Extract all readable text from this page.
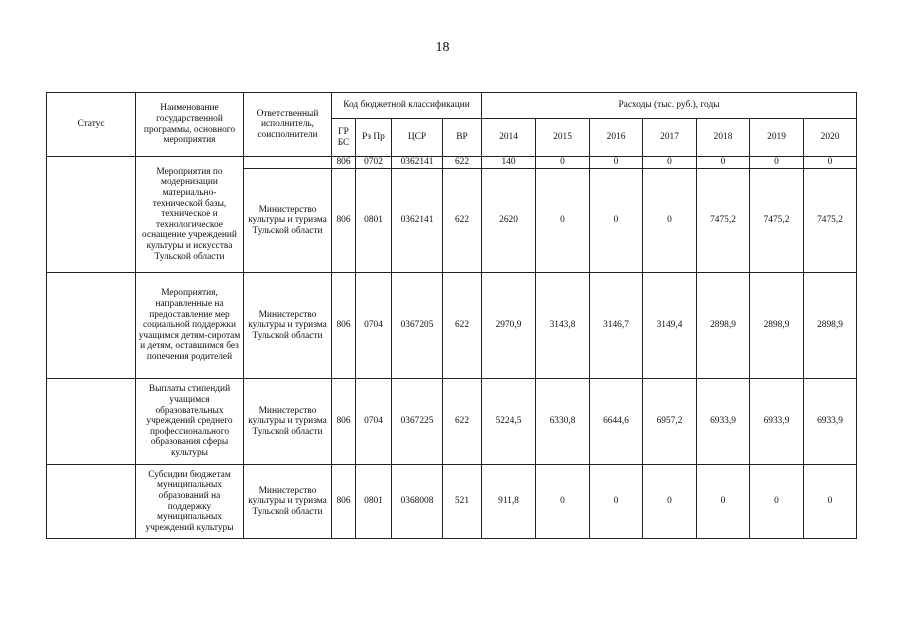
18
Статус	Наименование государственной программы, основного мероприятия	Ответственный исполнитель, соисполнители	Код бюджетной классификации				Расходы (тыс. руб.), годы						
			ГР БС	Рз Пр	ЦСР	ВР	2014	2015	2016	2017	2018	2019	2020
	Мероприятия по модернизации материально-технической базы, техническое и технологическое оснащение учреждений культуры и искусства Тульской области		806	0702	0362141	622	140	0	0	0	0	0	0
		Министерство культуры и туризма Тульской области	806	0801	0362141	622	2620	0	0	0	7475,2	7475,2	7475,2
	Мероприятия, направленные на предоставление мер социальной поддержки учащимся детям-сиротам и детям, оставшимся без попечения родителей	Министерство культуры и туризма Тульской области	806	0704	0367205	622	2970,9	3143,8	3146,7	3149,4	2898,9	2898,9	2898,9
	Выплаты стипендий учащимся образовательных учреждений среднего профессионального образования сферы культуры	Министерство культуры и туризма Тульской области	806	0704	0367225	622	5224,5	6330,8	6644,6	6957,2	6933,9	6933,9	6933,9
	Субсидии бюджетам муниципальных образований на поддержку муниципальных учреждений культуры	Министерство культуры и туризма Тульской области	806	0801	0368008	521	911,8	0	0	0	0	0	0
